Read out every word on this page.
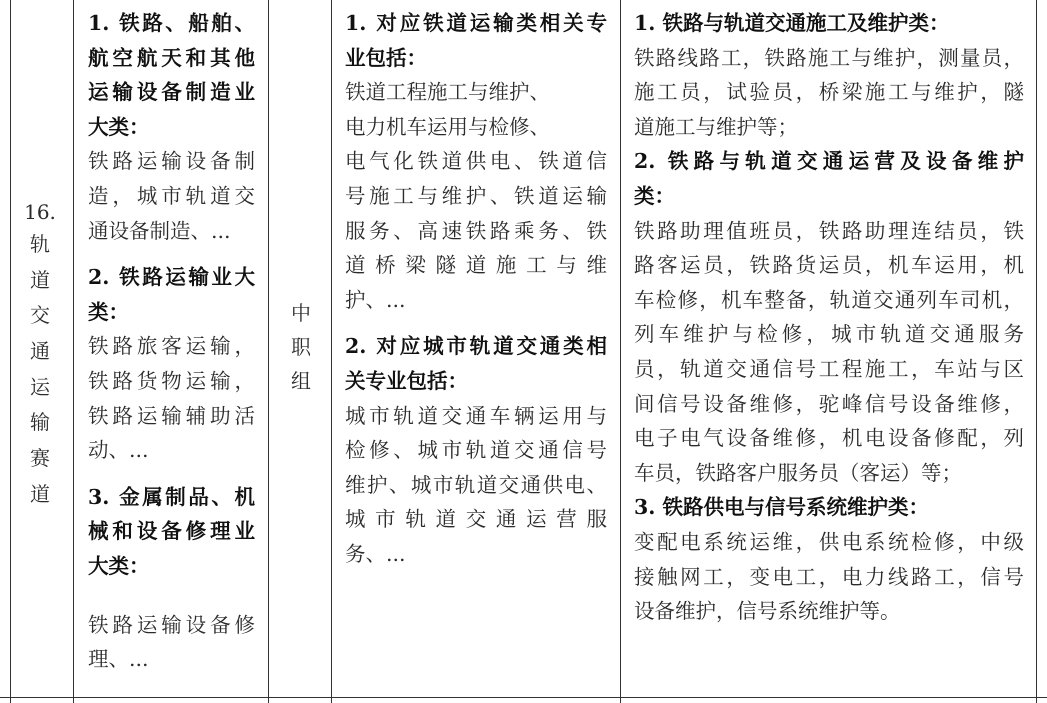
16.
轨
道
交
通
运
输
赛
道
1. 铁路、船舶、
航空航天和其他
运输设备制造业
大类：
铁路运输设备制
造，城市轨道交
通设备制造、...
2. 铁路运输业大
类：
铁路旅客运输，
铁路货物运输，
铁路运输辅助活
动、...
3. 金属制品、机
械和设备修理业
大类：
铁路运输设备修
理、...
中
职
组
1. 对应铁道运输类相关专
业包括：
铁道工程施工与维护、
电力机车运用与检修、
电气化铁道供电、铁道信
号施工与维护、铁道运输
服务、高速铁路乘务、铁
道桥梁隧道施工与维
护、...
2. 对应城市轨道交通类相
关专业包括：
城市轨道交通车辆运用与
检修、城市轨道交通信号
维护、城市轨道交通供电、
城市轨道交通运营服
务、...
1. 铁路与轨道交通施工及维护类：
铁路线路工，铁路施工与维护，测量员，
施工员，试验员，桥梁施工与维护，隧
道施工与维护等；
2. 铁路与轨道交通运营及设备维护
类：
铁路助理值班员，铁路助理连结员，铁
路客运员，铁路货运员，机车运用，机
车检修，机车整备，轨道交通列车司机，
列车维护与检修，城市轨道交通服务
员，轨道交通信号工程施工，车站与区
间信号设备维修，驼峰信号设备维修，
电子电气设备维修，机电设备修配，列
车员，铁路客户服务员（客运）等；
3. 铁路供电与信号系统维护类：
变配电系统运维，供电系统检修，中级
接触网工，变电工，电力线路工，信号
设备维护，信号系统维护等。
